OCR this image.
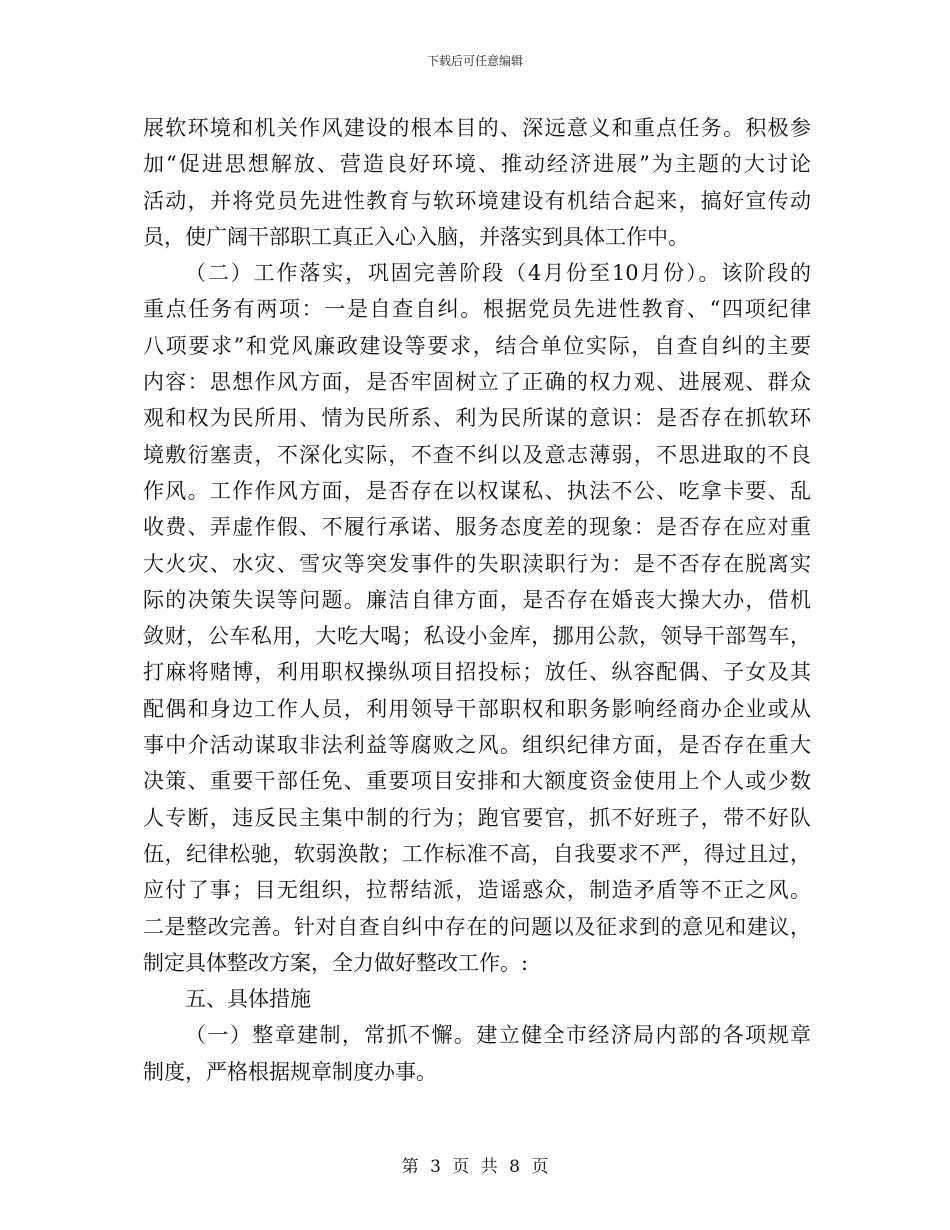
下载后可任意编辑
展软环境和机关作风建设的根本目的、深远意义和重点任务。积极参
加“促进思想解放、营造良好环境、推动经济进展”为主题的大讨论
活动，并将党员先进性教育与软环境建设有机结合起来，搞好宣传动
员，使广阔干部职工真正入心入脑，并落实到具体工作中。
（二）工作落实，巩固完善阶段（4月份至10月份）。该阶段的
重点任务有两项：一是自查自纠。根据党员先进性教育、“四项纪律
八项要求”和党风廉政建设等要求，结合单位实际，自查自纠的主要
内容：思想作风方面，是否牢固树立了正确的权力观、进展观、群众
观和权为民所用、情为民所系、利为民所谋的意识：是否存在抓软环
境敷衍塞责，不深化实际，不查不纠以及意志薄弱，不思进取的不良
作风。工作作风方面，是否存在以权谋私、执法不公、吃拿卡要、乱
收费、弄虚作假、不履行承诺、服务态度差的现象：是否存在应对重
大火灾、水灾、雪灾等突发事件的失职渎职行为：是不否存在脱离实
际的决策失误等问题。廉洁自律方面，是否存在婚丧大操大办，借机
敛财，公车私用，大吃大喝；私设小金库，挪用公款，领导干部驾车，
打麻将赌博，利用职权操纵项目招投标；放任、纵容配偶、子女及其
配偶和身边工作人员，利用领导干部职权和职务影响经商办企业或从
事中介活动谋取非法利益等腐败之风。组织纪律方面，是否存在重大
决策、重要干部任免、重要项目安排和大额度资金使用上个人或少数
人专断，违反民主集中制的行为；跑官要官，抓不好班子，带不好队
伍，纪律松驰，软弱涣散；工作标准不高，自我要求不严，得过且过，
应付了事；目无组织，拉帮结派，造谣惑众，制造矛盾等不正之风。
二是整改完善。针对自查自纠中存在的问题以及征求到的意见和建议，
制定具体整改方案，全力做好整改工作。:
五、具体措施
（一）整章建制，常抓不懈。建立健全市经济局内部的各项规章
制度，严格根据规章制度办事。
第 3 页 共 8 页
